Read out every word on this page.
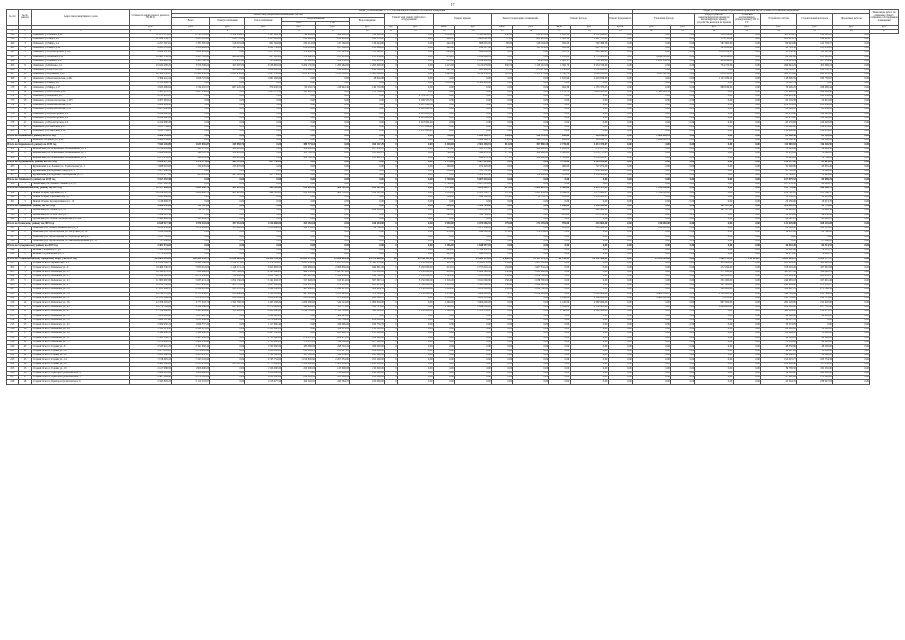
17
№ п/п	№ по району	Адрес многоквартирного дома	Стоимость капитального ремонта, ВСЕГО	Виды, установленные ч. 1 ст. 166 Жилищного кодекса Российской Федерации															Виды, установленные нормативным правовым актом субъекта Российской Федерации							Иные виды работ, по решению общего собрания собственников помещений
				Ремонт внутридомовых инженерных систем						Ремонт или замена лифтового оборудования		Ремонт крыши		Ремонт подвальных помещений		Ремонт фасада		Ремонт фундамента	Утепление фасада		Переустройство невентилируемой крыши на вентилируемую крышу, устройство выходов на кровлю	Установка коллективных (общедомовых) ПУ и УУ	Устройство систем	Строительный контроль	Проектные работы	
				Всего	Электроснабжение	Теплоснабжение	Водоснабжение		Водоотведение																	
							ХВС	ГВС																		
			руб.	руб.	руб.	руб.	руб.	руб.	руб.	ед.	руб.	кв.м.	руб.	кв.м.	руб.	кв.м.	руб.	куб.м.	руб.	руб.	руб.	руб.	руб.	руб.	руб.	руб.
1	2	3	4	5	6	7	8	9	10	11	12	13	14	15	16	17	18	19	20	21	22	23	24	25	26	27
158	1	г.Кимовск, ул.Ленина, д.40	11 675 571,65	8 791 101,09	5 358 634,01	3 567 804,16	724 869,98	964 090,69	519 268,00	0	0,00	1 058,24	2 343 403,09	230,50	219 876,86	1 415,10	2 331 828,03	0,00	0,00	0,00	319 859,94	0,00	305 035,21	216 161,65	0,00	
159	2	г.Кимовск, ул.Мира, д.8	11 264 158,57	3 453 365,80	856 770,89	1 855 685,00	236 842,06	212 963,80	242 553,00	0	0,00	992,10	3 480 821,69	57,99	282 061,98	1 505,16	3 497 755,91	0,00	0,00	0,00	153 112,29	0,00	162 615,74	214 424,07	0,00	
160	3	г.Кимовск, ул.Мира, д.4	4 257 267,61	1 781 385,96	318 355,88	961 564,99	234 414,88	147 180,00	139 444,80	0	0,00	242,40	888 005,65	80,00	128 164,00	832,20	792 388,36	0,00	0,00	0,00	587 665,00	0,00	86 924,86	122 738,57	0,00	
161	4	г.Кимовск, ул.Мира, д.20	4 453 876,00	1 856 666,06	331 826,86	1 002 756,00	254 414,88	147 180,00	120 489,00	0	0,00	242,40	934 327,98	80,00	131 114,00	832,20	841 357,38	0,00	0,00	0,00	585 282,98	0,00	90 705,36	125 452,22	0,00	
162	5	г.Кимовск, ул.Пролетарская, д.18а	4 456 187,81	1 882 265,90	0,00	1 257 103,55	378 416,54	155 391,45	131 820,67	0	0,00	826,06	486 806,89	0,00	0,00	870,70	629 494,41	0,00	0,00	0,00	1 036 230,25	0,00	53 050,38	111 411,98	0,00	
163	6	г.Кимовск, ул.Павлова, д.18	12 445 154,59	2 453 702,60	466 423,86	927 683,89	570 640,85	235 918,00	253 036,00	0	0,00	474,20	2 034 849,95	0,00	0,00	1 055,80	2 755 904,08	0,00	4 444 000,00	0,00	424 244,00	0,00	89 361,88	233 002,29	0,00	
164	7	г.Кимовск, ул.Ленина, д.27	7 388 428,52	1 463 796,39	372 637,98	723 944,00	65 490,00	186 150,00	102 685,00	0	0,00	825,00	1 059 410,09	0,00	90 470,00	1 425,57	734 362,88	0,00	2 223 336,50	0,00	434 244,00	0,00	159 805,24	187 534,48	0,00	
165	8	г.Кимовск, ул.Павлова, д.2	25 945 408,25	3 576 766,04	455 587,00	4 538 965,00	3 204 135,00	1 285 484,00	1 283 000,00	0	0,00	1 215,90	3 125 678,00	330,70	1 123 210,00	1 395,70	3 254 720,00	0,00	0,00	0,00	754 723,00	0,00	496 644,25	455 098,18	0,00	
166	9	г.Кимовск, ул.Толстого, д.2	3 758 640,80	2 868 728,60	463 990,00	1 659 000,00	276 960,00	226 988,00	240 180,00	0	0,00	267,00	983 466,00	97,50	276 271,00	1 150,60	1 350 822,00	0,00	0,00	0,00	0,00	0,00	118 185,17	141 552,31	0,00	
167	10	г.Кимовск, ул.Пушкина, д.10	26 569 350,47	11 642 638,99	2 295 956,08	3 567 152,89	1 031 670,00	1 811 300,00	1 885 060,00	0	0,00	1 440,00	4 156 236,00	310,00	1 155 270,00	1 743,70	5 096 832,00	0,00	5 455 341,00	0,00	839 236,00	0,00	866 355,80	290 221,24	0,00	
168	11	г.Кимовск, ул.Комсомольская, д.40а	4 366 441,24	1 629 725,84	0,00	1 661 260,86	0,00	0,00	28 616,88	0	0,00	0,00	0,00	0,00	0,00	1 615,90	2 418 659,00	0,00	0,00	0,00	1 125 039,24	0,00	118 006,59	180 738,67	0,00	
169	12	г.Кимовск, ул.Мира, д.2	2 553 944,74	0,00	0,00	0,00	0,00	0,00	0,00	0	0,00	1 050,00	2 389 900,00	0,00	0,00	0,00	0,00	0,00	0,00	0,00	0,00	0,00	72 007,74	0,00	0,00	
170	13	г.Кимовск, ул.Мира, д.17	3 923 486,84	1 744 452,57	667 245,20	376 458,52	63 232,74	128 942,40	140 716,89	0	0,00	0,00	0,00	0,00	0,00	924,30	1 135 370,25	0,00	0,00	0,00	868 938,40	0,00	79 026,25	188 088,44	0,00	
171	14	г.Кимовск, ул.Бессолова, д.28	3 563 325,13	1 457 536,14	0,00	1 163 575,56	195 810,12	0,00	178 764,04	0	0,00	0,00	0,00	0,00	0,00	1 170,70	1 808 451,00	0,00	2 396 226,50	0,00	0,00	0,00	115 986,81	164 269,48	0,00	
172	15	г.Кимовск, ул.Карпова, д.2	9 133 645,95	0,00	0,00	0,00	0,00	0,00	0,00	0	8 714 107,33	0,00	0,00	0,00	0,00	0,00	0,00	0,00	0,00	0,00	0,00	0,00	186 985,30	232 056,09	0,00	
173	16	г.Кимовск, ул.Комсомольская, д.103	3 207 493,91	0,00	0,00	0,00	0,00	0,00	0,00	0	3 109 553,33	0,00	0,00	0,00	0,00	0,00	0,00	0,00	0,00	0,00	0,00	0,00	65 119,58	32 821,00	0,00	
174	17	г.Кимовск, ул.Комсомольская, д.13	8 629 904,41	0,00	0,00	0,00	0,00	0,00	0,00	0	8 437 290,00	0,00	0,00	0,00	0,00	0,00	0,00	0,00	0,00	0,00	0,00	0,00	180 555,61	232 056,09	0,00	
175	18	г.Кимовск, ул.Комсомольская, д.15	2 207 040,00	0,00	0,00	0,00	0,00	0,00	0,00	0	2 100 281,00	0,00	0,00	0,00	0,00	0,00	0,00	0,00	0,00	0,00	0,00	0,00	45 120,00	61 639,00	0,00	
176	19	г.Кимовск, ул.Пролетарская, д.4	4 414 990,28	0,00	0,00	0,00	0,00	0,00	0,00	0	4 218 602,40	0,00	0,00	0,00	0,00	0,00	0,00	0,00	0,00	0,00	0,00	0,00	90 279,80	106 028,08	0,00	
177	20	г.Кимовск, ул.Пролетарская, д.6	4 414 990,28	0,00	0,00	0,00	0,00	0,00	0,00	0	4 218 602,40	0,00	0,00	0,00	0,00	0,00	0,00	0,00	0,00	0,00	0,00	0,00	90 279,80	106 028,08	0,00	
178	21	г.Кимовск, ул.Пролетарская, д.8	4 414 990,28	0,00	0,00	0,00	0,00	0,00	0,00	0	4 218 602,40	0,00	0,00	0,00	0,00	0,00	0,00	0,00	0,00	0,00	0,00	0,00	90 279,80	106 028,08	0,00	
179	22	г.Кимовск, ул.Советская, д.35	5 613 754,61	0,00	0,00	0,00	0,00	0,00	0,00	0	5 337 608,40	0,00	0,00	0,00	0,00	0,00	0,00	0,00	0,00	0,00	0,00	0,00	114 602,80	139 435,00	0,00	
180	23	г.Кимовск, ул.Советская, д.39	5 613 754,61	0,00	0,00	0,00	0,00	0,00	0,00	0	5 337 608,40	0,00	0,00	0,00	0,00	0,00	0,00	0,00	0,00	0,00	0,00	0,00	114 602,80	139 435,00	0,00	
Итого по Кимовскому району на 2019 год			4 866 254,20	0,00	0,00	0,00	0,00	0,00	0,00	0	0,00	716,00	1 699 140,57	150,00	196 781,52	650,00	164 248,55	0,00	1 969 690,23	0,00	0,00	0,00	82 560,30	69 190,28	0,00	
181	1	Кимовск, Гагарина ул., д.44	4 866 254,20	0,00	0,00	0,00	0,00	0,00	0,00	0	0,00	716,00	1 699 140,57	150,00	196 781,52	650,00	164 248,55	0,00	1 969 690,23	0,00	0,00	0,00	82 560,30	69 190,28	0,00	
Итого по Киреевскому району на 2019 год			7 844 226,89	1 633 965,87	345 958,76	0,00	389 775,62	0,00	454 147,29	0	0,00	2 328,00	2 302 258,91	512,00	397 980,18	2 719,00	3 413 370,87	0,00	0,00	0,00	0,00	0,00	112 969,92	116 226,59	0,00	
182	1	Киреевский р-н, Алексеевка, Большевиков ул., 2	2 136 485,66	581 173,25	189 961,92	0,00	188 200,42	0,00	167 050,91	0	0,00	793,00	850 371,60	177,00	162 480,00	1 441,00	872 237,36	0,00	0,00	0,00	0,00	0,00	31 065,99	19 694,30	0,00	
183	2	Киреевский р-н, Алексеевка, Большевиков ул., 3	2 649 298,20	349 585,12	189 961,92	0,00	183 700,30	0,00	183 691,13	0	0,00	760,00	844 453,32	177,00	162 480,00	1 441,00	1 053 737,05	0,00	0,00	0,00	0,00	0,00	33 670,92	78 800,93	0,00	
184	3	Киреевский р-н, Алексеевка, Большевиков ул., 4	2 675 433,21	349 811,26	189 961,92	0,00	182 700,30	0,00	183 691,13	0	0,00	795,00	844 453,32	177,00	162 480,00	1 312,00	1 036 658,47	0,00	0,00	0,00	0,00	0,00	33 443,62	78 789,16	0,00	
Итого по Куркинскому району на 2019 год			6 268 677,28	1 970 979,00	465 125,00	637 750,00	0,00	0,00	0,00	0	0,00	1 174,80	1 827 413,00	0,00	0,00	1 211,00	1 584 208,60	0,00	0,00	0,00	0,00	0,00	126 977,20	85 683,00	0,00	
185	1	Куркинский р-н, Ленина ул., Учительская ул., 1	1 688 918,00	150 470,00	155 670,00	0,00	0,00	0,00	0,00	0	0,00	208,00	972 420,00	0,00	0,00	400,00	727 072,00	0,00	0,00	0,00	0,00	0,00	32 200,00	43 035,40	0,00	
186	2	Куркинский р-н, Куркино, Мира ул., 1	1 917 980,36	0,00	0,00	0,00	0,00	0,00	0,00	0	0,00	356,00	785 737,00	0,00	0,00	330,00	659 508,00	0,00	0,00	0,00	0,00	0,00	45 730,00	74 806,80	0,00	
187	3	Куркинский р-н, Куркино, Октябрьская ул., 8	2 723 977,92	985 285,00	247 665,00	637 750,00	0,00	0,00	0,00	0	0,00	0,00	1 060 211,00	0,00	159 000,00	470,00	1 539 459,60	0,00	0,00	0,00	0,00	0,00	53 728,07	78 443,08	0,00	
Итого по Ленинскому району на 2019 год			5 167 392,58	0,00	0,00	0,00	0,00	0,00	0,00	0	0,00	1 748,80	5 007 018,04	0,00	0,00	0,00	0,00	0,00	0,00	0,00	0,00	0,00	107 079,52	69 098,29	0,00	
188	1	Ленинский р-н, Ленино, Ленина ул., д.7	5 167 392,58	0,00	0,00	0,00	0,00	0,00	0,00	0	0,00	1 748,80	5 007 018,04	0,00	0,00	0,00	0,00	0,00	0,00	0,00	0,00	0,00	107 079,52	42 098,13	0,00	
Итого по Новомосковскому району на 2019 год			12 917 006,24	2 089 408,70	401 425,41	964 503,85	222 210,44	400 702,00	189 567,00	0	0,00	1 374,00	3 024 881,77	527,00	1 084 818,31	2 500,00	4 433 473,92	0,00	1 559 090,00	0,00	0,00	0,00	235 776,86	286 486,51	0,00	
189	1	Новый Огарев, Дружная ул., 8	10 819 891,18	2 089 408,70	401 425,41	964 503,85	222 210,44	400 702,00	189 567,00	0	0,00	1 210,00	2 023 581,77	357,00	1 065 034,59	2 049,00	3 075 268,07	0,00	1 559 090,00	0,00	0,00	0,00	222 721,10	231 566,57	0,00	
190	2	Новый Огарев, Заречный пер., 11	1 621 486,00	0,00	0,00	0,00	0,00	0,00	0,00	0	0,00	164,00	994 300,00	170,00	19 783,72	451,00	1 218 205,85	0,00	0,00	0,00	0,00	0,00	13 058,76	54 919,94	0,00	
191	3	Новый Огарев, Кооперативная ул., 12	1 136 809,37	0,00	0,00	0,00	0,00	0,00	0,00	0	0,00	0,00	0,00	0,00	0,00	0,00	0,00	0,00	0,00	0,00	0,00	0,00	23 236,00	18 613,70	0,00	
Итого по Одоевскому району на 2019 год			4 086 032,84	722 767,00	0,00	0,00	0,00	0,00	0,00	0	0,00	988,00	1 399 704,00	0,00	0,00	1 098,00	1 296 054,00	0,00	0,00	0,00	187 207,00	0,00	100 891,24	99 776,65	0,00	
192	1	Одоевский р-н, Ленина ул., 21	2 159 312,84	722 767,00	0,00	0,00	0,00	0,00	296 208,00	0	0,00	648,00	1 065 000,00	0,00	0,00	620,00	960 900,00	0,00	0,00	0,00	187 207,00	0,00	50 498,20	52 946,56	0,00	
193	2	Одоевский р-н, Л.Толстого ул., 7	2 436 225,36	0,00	0,00	0,00	0,00	0,00	0,00	0	0,00	340,00	334 704,00	0,00	0,00	478,00	335 154,00	0,00	0,00	0,00	0,00	0,00	50 393,04	46 830,09	0,00	
194	3	Одоевский р-н, Одоев, Октябрьская ул., 26а	2 490 466,14	521 004,76	0,00	0,00	0,00	0,00	0,00	0	0,00	0,00	0,00	0,00	0,00	0,00	0,00	0,00	0,00	0,00	0,00	0,00	24 247,01	45 802,13	0,00	
Итого по Плавскому району на 2019 год			6 649 917,38	1 970 203,00	357 253,00	1 216 068,00	163 282,00	0,00	226 204,00	0	0,00	1 950,00	2 470 566,93	179,00	174 159,00	976,00	216 864,00	0,00	210 600,00	0,00	0,00	0,00	132 029,00	168 310,00	0,00	
195	1	Плавский р-н, Плавск, Коминтерна ул., 4	4 122 636,48	1 674 299,00	335 000,00	1 118 068,00	122 531,00	0,00	98 700,00	0	0,00	942,00	1 471 566,93	0,00	0,00	976,00	216 864,00	0,00	210 600,00	0,00	0,00	0,00	84 529,00	168 310,00	0,00	
196	2	Плавский р-н, Пролетарская ул., Валутина ул., 1а	1 838 204,44	0,00	0,00	0,00	0,00	0,00	0,00	0	0,00	976,00	999 000,00	179,00	174 159,00	0,00	0,00	0,00	0,00	0,00	0,00	0,00	19 037,00	22 760,00	0,00	
197	3	Плавский р-н, Пролетарская ул., Пролетарская ул., 7	1 181 741,25	0,00	0,00	0,00	0,00	0,00	0,00	0	0,00	0,00	0,00	0,00	0,00	0,00	0,00	0,00	0,00	0,00	0,00	0,00	0,00	0,00	0,00	
198	4	Плавский р-н, Пролетарская ул., Железнодорожная ул., 12	87 080,20	0,00	0,00	0,00	0,00	0,00	0,00	0	0,00	0,00	0,00	0,00	0,00	0,00	0,00	0,00	0,00	0,00	0,00	0,00	0,00	87 080,20	0,00	
Итого по Суворовскому району на 2019 год			2 301 974,65	0,00	0,00	0,00	0,00	0,00	0,00	0	0,00	1 256,00	1 848 997,04	0,00	0,00	0,00	0,00	0,00	0,00	0,00	0,00	0,00	46 043,26	84 314,53	0,00	
199	1	Рязанка, Гагарина ул., д.3	1 523 809,09	0,00	0,00	0,00	0,00	0,00	0,00	0	0,00	804,00	1 354 931,21	0,00	0,00	0,00	0,00	0,00	0,00	0,00	0,00	0,00	31 367,96	4 511,79	0,00	
200	2	Рязанка, Студенческая ул., 2	1 778 165,56	0,00	0,00	0,00	0,00	0,00	0,00	0	0,00	452,00	494 065,83	0,00	0,00	0,00	0,00	0,00	0,00	0,00	0,00	0,00	14 675,30	79 802,74	0,00	
Итого по Старооскольскому городскому округу на 2019 год			524 683 424,20	100 262 295,71	11 838 665,28	44 434 794,49	10 893 572,14	19 630 884,38	14 375 800,00	46	84 788 511,68	13 414,29	23 664 413,69	5 066,20	21 117 591,31	21 748,54	23 432 366,02	0,00	19 939 309,80	0,00	7 068 799,14	212 224,67	6 623 483,15	8 590 377,97	0,00	
201	1	Старый Оскол г, Жукова пер., 25	21 188 149,79	6 941 166,26	2 154 271,63	3 572 565,67	1 025 259,30	1 197 131,85	1 593 179,00	2	3 150 000,00	425,50	2 839 072,06	159,80	1 007 332,24	0,00	0,00	0,00	0,00	0,00	410 604,00	0,00	433 919,43	300 922,02	0,00	
202	2	Старый Оскол г, Бебешана ул., 9	18 468 530,37	7 633 931,04	1 129 571,13	3 923 983,53	630 686,00	2 008 836,00	940 691,00	2	3 150 000,00	413,10	2 757 618,41	159,80	1 007 332,24	0,00	0,00	0,00	0,00	0,00	272 294,00	0,00	378 318,29	327 067,98	0,00	
203	3	Старый Оскол г, Бебешана ул., 11	16 340 872,11	7 419 696,01	917 596,80	4 193 686,00	499 130,00	1 087 473,00	721 810,00	2	3 150 000,00	450,00	2 969 140,43	158,40	1 022 680,80	0,00	0,00	0,00	0,00	0,00	377 430,00	0,00	363 017,08	319 842,19	0,00	
204	4	Старый Оскол г, Бебешана ул., 17	16 949 496,49	6 679 850,62	799 806,26	3 631 768,75	403 295,48	1 028 458,88	816 788,03	2	3 150 000,00	1 363,30	3 911 000,00	158,40	1 036 700,00	0,00	0,00	0,00	0,00	0,00	400 000,00	0,00	351 218,30	261 476,57	0,00	
205	5	Старый Оскол г, Бебешана ул., 21	11 885 967,88	5 633 213,24	1 054 136,26	3 141 016,57	317 648,65	613 014,62	507 397,14	2	3 150 000,00	1 316,20	3 911 000,00	158,40	1 036 700,00	0,00	0,00	0,00	0,00	0,00	331 000,00	0,00	244 063,18	197 691,46	0,00	
206	6	Старый Оскол г, Бебешана ул., 27	12 236 768,22	2 857 932,95	455 770,20	1 627 000,06	239 437,41	272 110,00	263 615,28	1	1 700 000,00	1 251,00	3 500 000,00	158,40	1 024 800,00	0,00	0,00	0,00	0,00	0,00	307 000,00	0,00	248 904,80	173 131,27	0,00	
207	7	Старый Оскол г, Бебешана ул., 33	17 221 266,37	6 954 005,60	935 576,33	3 926 530,83	447 960,01	1 014 013,85	629 924,59	2	3 150 000,00	1 216,80	3 911 000,00	158,40	1 036 700,00	0,00	0,00	0,00	0,00	0,00	390 000,00	0,00	356 997,13	271 560,36	0,00	
208	8	Старый Оскол г, Бебешана ул., 35	16 794 570,06	4 755 436,07	855 666,00	1 781 019,00	497 800,64	1 011 243,00	372 594,00	2	3 150 000,00	1 274,20	3 824 000,00	4,70	2 214 964,90	0,00	3 208 889,00	0,00	4 608 534,87	0,00	2 309 680,00	0,00	346 729,00	230 744,04	0,00	
209	9	Старый Оскол г, Бебешана ул., 37	11 612 146,89	2 874 315,38	459 509,35	1 638 950,56	236 116,69	271 030,00	288 308,78	0	0,00	1 356,00	3 260 305,48	0,00	0,00	1 196,00	2 286 000,00	0,00	4 488 200,00	0,00	78 223,00	0,00	140 758,00	148 711,00	0,00	
210	10	Старый Оскол г, Бебешана ул., 39	12 708 505,07	3 777 218,73	1 332 706,33	1 443 168,00	1 000 000,00	544 124,00	1 000 000,00	0	0,00	1 300,00	3 004 000,00	0,00	0,00	1 120,00	2 380 000,00	0,00	0,00	0,00	867 000,00	0,00	260 128,00	212 420,00	0,00	
211	11	Старый Оскол г, Бебешана ул., 41	10 176 769,49	4 194 346,84	647 816,13	2 179 604,09	441 426,00	515 775,00	410 725,00	0	0,00	1 100,00	2 999 000,00	0,00	0,00	1 059,00	2 330 000,00	0,00	0,00	0,00	1 044 982,00	0,00	209 300,00	237 710,00	0,00	
212	12	Старый Оскол г, Бебешана ул., 47	17 768 490,28	3 493 484,43	780 226,29	2 000 000,00	1 190 729,00	1 333 726,00	343 883,00	2	3 150 000,00	1 300,00	1 723 333,97	0,00	0,00	1 390,00	4 196 000,00	0,00	0,00	0,00	0,00	0,00	368 683,00	136 971,12	0,00	
213	13	Старый Оскол г, Бебешана ул., 53	1 933 665,40	1 633 665,40	0,00	1 224 622,00	0,00	409 043,40	0,00	0	0,00	0,00	0,00	0,00	0,00	0,00	0,00	0,00	0,00	0,00	0,00	0,00	40 000,00	40 000,00	0,00	
214	14	Старый Оскол г, Бебешана ул., 55	3 062 507,60	3 011 989,90	0,00	2 276 200,00	0,00	513 789,90	222 000,00	0	0,00	0,00	0,00	0,00	0,00	0,00	0,00	0,00	0,00	0,00	0,00	0,00	50 517,70	0,00	0,00	
215	15	Старый Оскол г, Бебешана ул., 61	2 584 950,72	1 624 757,22	0,00	1 117 960,40	0,00	326 066,06	180 730,76	0	0,00	0,00	0,00	0,00	0,00	0,00	0,00	0,00	0,00	0,00	0,00	0,00	33 513,95	0,00	0,00	
216	16	Старый Оскол г, Бебешана ул., 63	3 122 113,85	2 922 113,85	0,00	2 100 000,00	0,00	592 113,85	230 000,00	0	0,00	0,00	0,00	0,00	0,00	0,00	0,00	0,00	0,00	0,00	0,00	0,00	60 000,00	52 000,00	0,00	
217	17	Старый Оскол г, Бебешана ул., 65	3 349 992,53	3 149 992,53	0,00	2 267 330,00	0,00	647 662,53	235 000,00	0	0,00	0,00	0,00	0,00	0,00	0,00	0,00	0,00	0,00	0,00	0,00	0,00	64 998,00	70 000,00	0,00	
218	18	Старый Оскол г, Бебешана ул., 67	2 595 549,75	2 397 041,10	0,00	1 711 808,00	279 257,25	206 975,85	199 000,00	0	0,00	0,00	0,00	0,00	0,00	0,00	0,00	0,00	0,00	0,00	0,00	0,00	49 508,65	49 000,00	0,00	
219	19	Старый Оскол г, Бебешана ул., 71	2 676 890,14	2 486 550,45	0,00	1 788 900,00	172 470,00	318 180,45	207 000,00	0	0,00	0,00	0,00	0,00	0,00	0,00	0,00	0,00	0,00	0,00	0,00	0,00	51 339,69	44 000,00	0,00	
220	20	Старый Оскол г, Горняк ул., 8	2 543 941,25	2 341 082,45	0,00	1 700 000,00	183 380,00	248 702,45	209 000,00	0	0,00	0,00	0,00	0,00	0,00	0,00	0,00	0,00	0,00	0,00	0,00	0,00	48 358,80	48 500,00	0,00	
221	21	Старый Оскол г, Горняк ул., 10	2 477 801,05	2 276 893,96	0,00	1 636 850,00	238 126,01	235 917,95	166 000,00	0	0,00	0,00	0,00	0,00	0,00	0,00	0,00	0,00	0,00	0,00	0,00	0,00	49 907,09	51 000,00	0,00	
222	22	Старый Оскол г, Горняк ул., 12	2 621 440,12	2 415 637,87	0,00	1 742 500,00	197 502,95	310 634,92	165 000,00	0	0,00	0,00	0,00	0,00	0,00	0,00	0,00	0,00	0,00	0,00	0,00	0,00	49 802,25	56 000,00	0,00	
223	23	Старый Оскол г, Горняк ул., 14	7 158 495,23	7 225 116,90	0,00	3 745 752,00	1 016 830,90	2 207 334,00	255 200,00	0	0,00	0,00	0,00	0,00	0,00	0,00	0,00	0,00	0,00	0,00	0,00	0,00	154 323,77	183 754,56	0,00	
224	24	Старый Оскол г, Горняк ул., 16	9 460 162,26	8 123 451,86	935 567,22	2 775 000,00	1 350 000,00	1 802 884,64	1 260 000,00	0	0,00	0,00	0,00	0,00	0,00	0,00	0,00	0,00	0,00	0,00	0,00	0,00	169 460,40	317 250,00	0,00	
225	25	Старый Оскол г, Горняк ул., 18	2 127 988,50	1 906 000,00	0,00	1 326 000,00	245 000,00	125 000,00	210 000,00	0	0,00	0,00	0,00	0,00	0,00	0,00	0,00	0,00	0,00	0,00	0,00	0,00	39 738,50	182 250,00	0,00	
226	26	Старый Оскол г, Приборостроителей м-н, 4	1 889 012,00	1 626 000,00	0,00	1 256 000,00	0,00	130 000,00	240 000,00	0	0,00	0,00	0,00	0,00	0,00	0,00	0,00	0,00	0,00	0,00	0,00	0,00	34 012,00	229 000,00	0,00	
227	27	Старый Оскол г, Приборостроителей м-н, 5	2 487 964,80	2 270 543,20	0,00	1 630 000,00	236 343,20	163 200,00	241 000,00	0	0,00	0,00	0,00	0,00	0,00	0,00	0,00	0,00	0,00	0,00	0,00	0,00	47 421,60	170 000,00	0,00	
228	28	Старый Оскол г, Приборостроителей м-н, 6	2 343 893,25	2 112 541,07	0,00	1 518 677,56	164 302,81	245 564,70	184 000,00	0	0,00	0,00	0,00	0,00	0,00	0,00	0,00	0,00	0,00	0,00	0,00	0,00	43 304,35	188 047,83	0,00	
